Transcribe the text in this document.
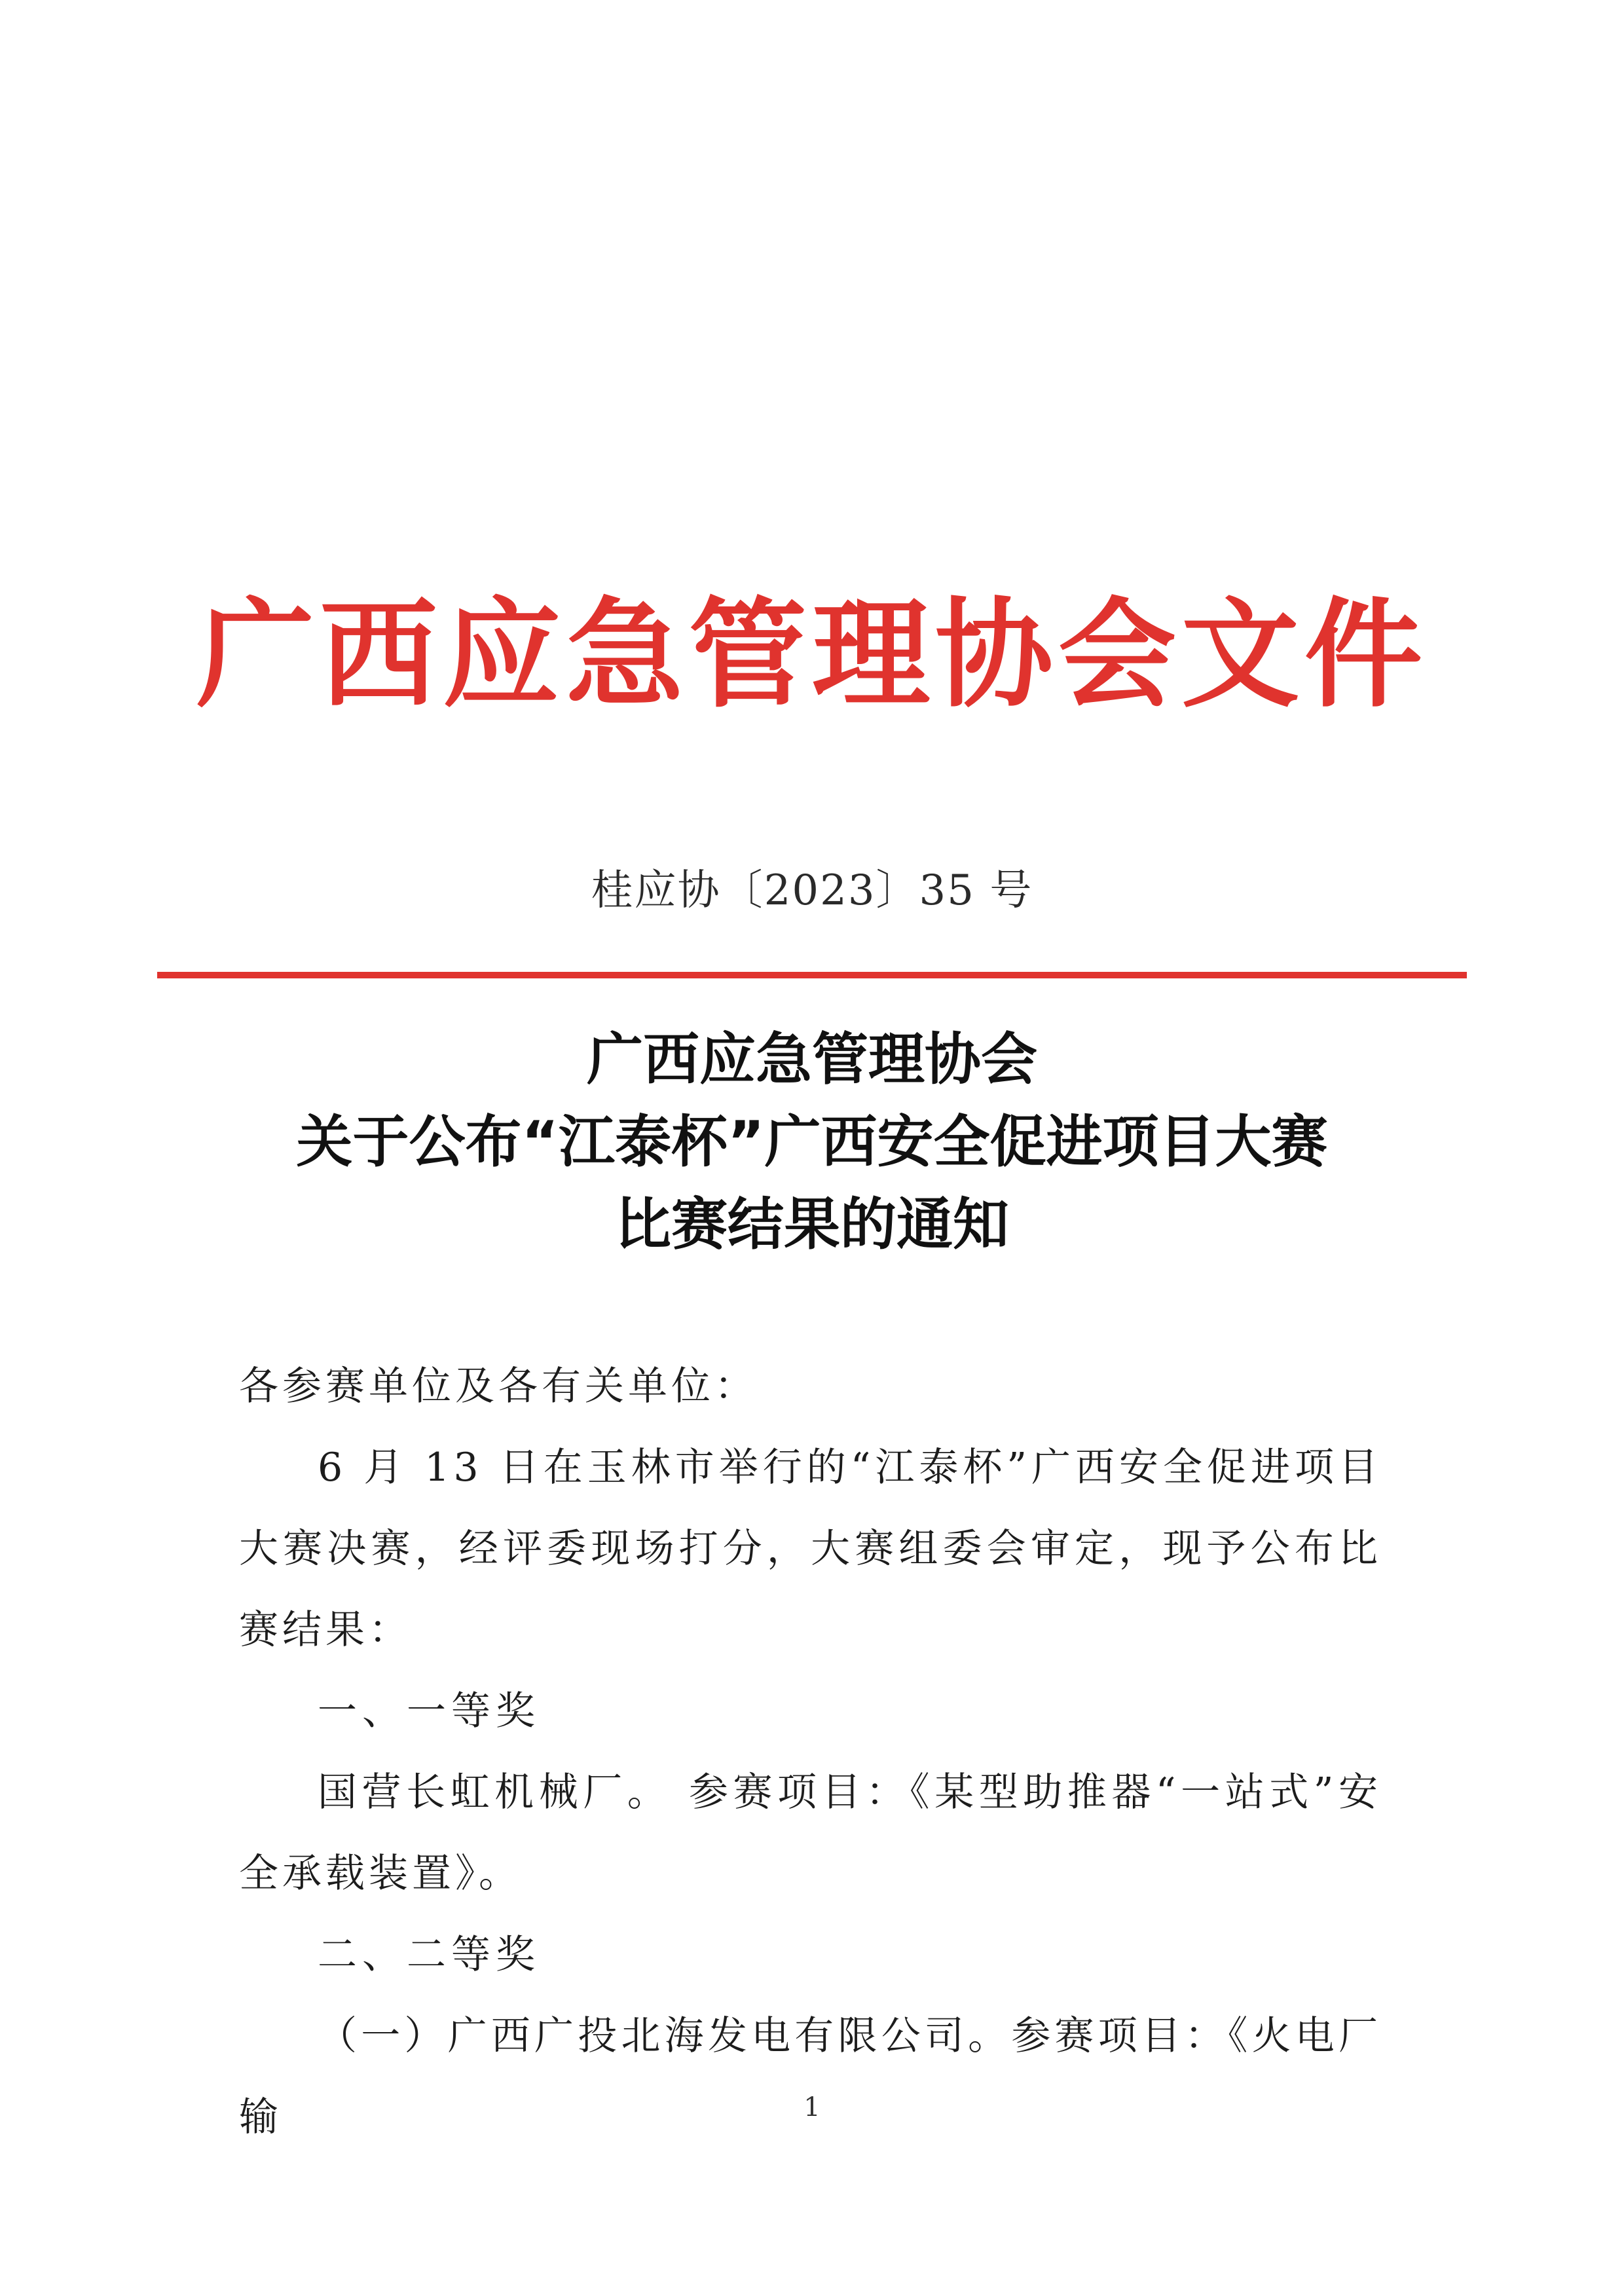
广西应急管理协会文件
桂应协〔2023〕35 号
广西应急管理协会
关于公布“江泰杯”广西安全促进项目大赛
比赛结果的通知

各参赛单位及各有关单位：

6 月 13 日在玉林市举行的“江泰杯”广西安全促进项目大赛决赛，经评委现场打分，大赛组委会审定，现予公布比赛结果：

一、一等奖

国营长虹机械厂。 参赛项目：《某型助推器“一站式”安全承载装置》。

二、二等奖

（一）广西广投北海发电有限公司。参赛项目：《火电厂输	1
